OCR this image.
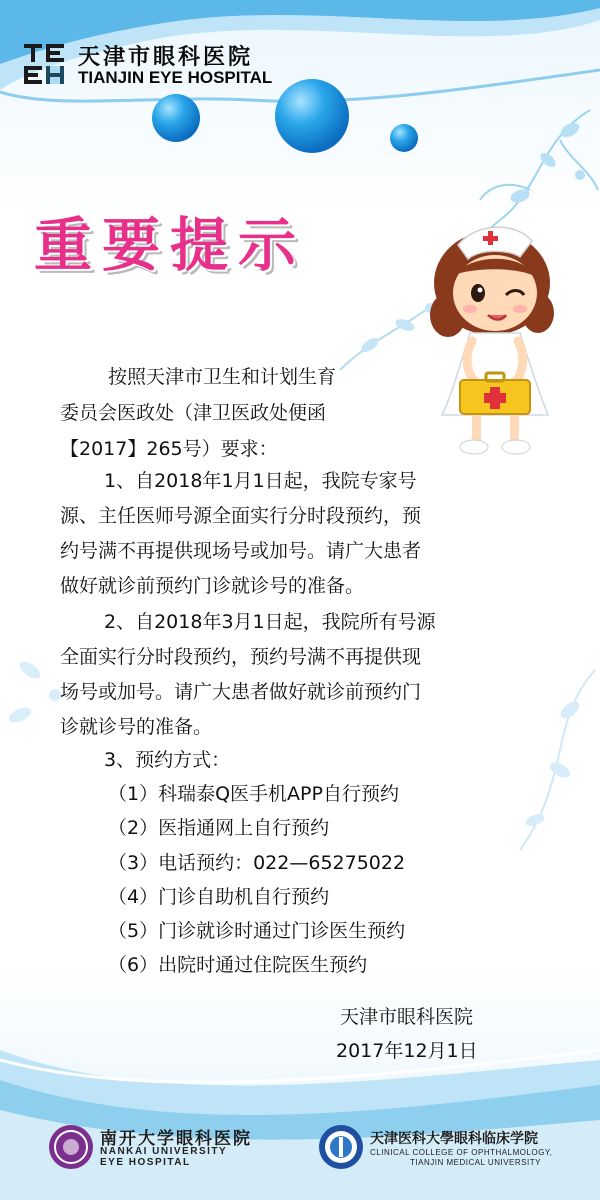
天津市眼科医院
TIANJIN EYE HOSPITAL
重要提示
按照天津市卫生和计划生育
委员会医政处（津卫医政处便函
【2017】265号）要求：
1、自2018年1月1日起，我院专家号
源、主任医师号源全面实行分时段预约，预
约号满不再提供现场号或加号。请广大患者
做好就诊前预约门诊就诊号的准备。
2、自2018年3月1日起，我院所有号源
全面实行分时段预约，预约号满不再提供现
场号或加号。请广大患者做好就诊前预约门
诊就诊号的准备。
3、预约方式：
（1）科瑞泰Q医手机APP自行预约
（2）医指通网上自行预约
（3）电话预约：022—65275022
（4）门诊自助机自行预约
（5）门诊就诊时通过门诊医生预约
（6）出院时通过住院医生预约
天津市眼科医院
2017年12月1日
南开大学眼科医院
NANKAI UNIVERSITY
EYE HOSPITAL
天津医科大學眼科临床学院
CLINICAL COLLEGE OF OPHTHALMOLOGY,
TIANJIN MEDICAL UNIVERSITY
